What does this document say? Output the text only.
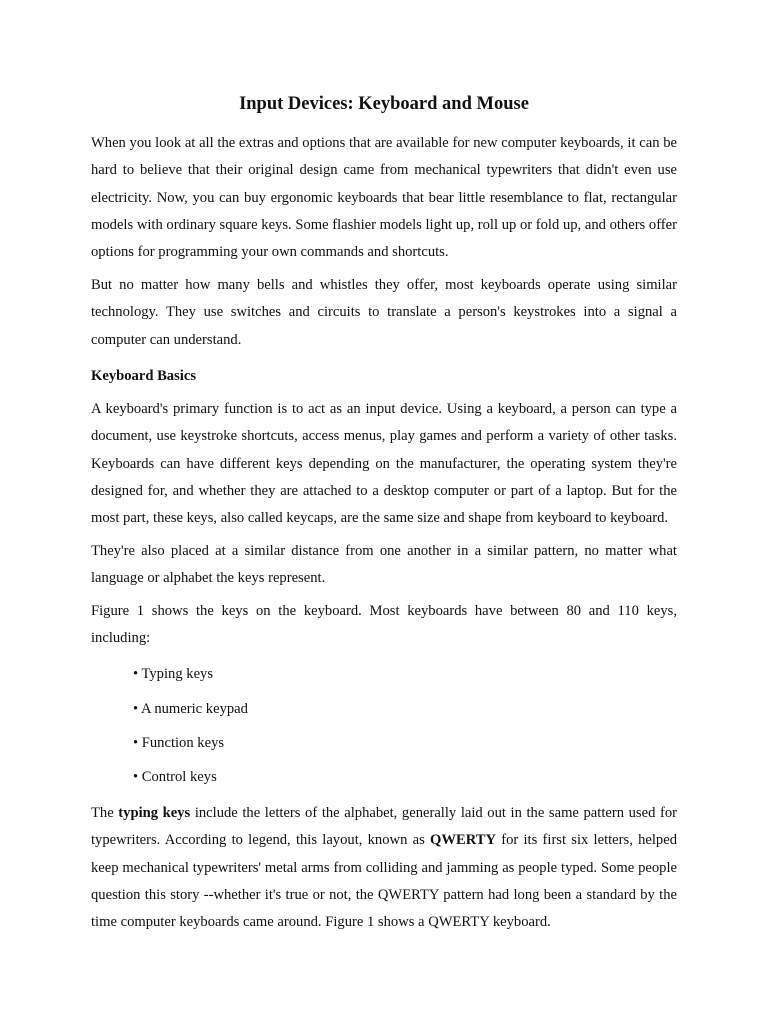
Input Devices: Keyboard and Mouse

When you look at all the extras and options that are available for new computer keyboards, it can be hard to believe that their original design came from mechanical typewriters that didn't even use electricity. Now, you can buy ergonomic keyboards that bear little resemblance to flat, rectangular models with ordinary square keys. Some flashier models light up, roll up or fold up, and others offer options for programming your own commands and shortcuts.

But no matter how many bells and whistles they offer, most keyboards operate using similar technology. They use switches and circuits to translate a person's keystrokes into a signal a computer can understand.

Keyboard Basics

A keyboard's primary function is to act as an input device. Using a keyboard, a person can type a document, use keystroke shortcuts, access menus, play games and perform a variety of other tasks. Keyboards can have different keys depending on the manufacturer, the operating system they're designed for, and whether they are attached to a desktop computer or part of a laptop. But for the most part, these keys, also called keycaps, are the same size and shape from keyboard to keyboard.

They're also placed at a similar distance from one another in a similar pattern, no matter what language or alphabet the keys represent.

Figure 1 shows the keys on the keyboard. Most keyboards have between 80 and 110 keys, including:

• Typing keys
• A numeric keypad
• Function keys
• Control keys

The typing keys include the letters of the alphabet, generally laid out in the same pattern used for typewriters. According to legend, this layout, known as QWERTY for its first six letters, helped keep mechanical typewriters' metal arms from colliding and jamming as people typed. Some people question this story --whether it's true or not, the QWERTY pattern had long been a standard by the time computer keyboards came around. Figure 1 shows a QWERTY keyboard.
